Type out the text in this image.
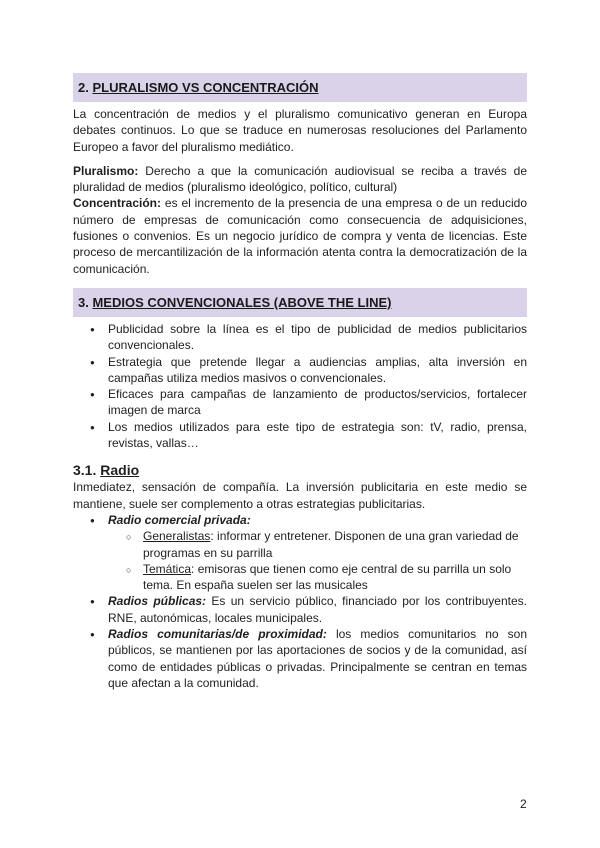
2. PLURALISMO VS CONCENTRACIÓN

La concentración de medios y el pluralismo comunicativo generan en Europa debates continuos. Lo que se traduce en numerosas resoluciones del Parlamento Europeo a favor del pluralismo mediático.

Pluralismo: Derecho a que la comunicación audiovisual se reciba a través de pluralidad de medios (pluralismo ideológico, político, cultural)

Concentración: es el incremento de la presencia de una empresa o de un reducido número de empresas de comunicación como consecuencia de adquisiciones, fusiones o convenios. Es un negocio jurídico de compra y venta de licencias. Este proceso de mercantilización de la información atenta contra la democratización de la comunicación.

3. MEDIOS CONVENCIONALES (ABOVE THE LINE)
● Publicidad sobre la línea es el tipo de publicidad de medios publicitarios convencionales.
● Estrategia que pretende llegar a audiencias amplias, alta inversión en campañas utiliza medios masivos o convencionales.
● Eficaces para campañas de lanzamiento de productos/servicios, fortalecer imagen de marca
● Los medios utilizados para este tipo de estrategia son: tV, radio, prensa, revistas, vallas…
3.1. Radio

Inmediatez, sensación de compañía. La inversión publicitaria en este medio se mantiene, suele ser complemento a otras estrategias publicitarias.

● Radio comercial privada:
○ Generalistas: informar y entretener. Disponen de una gran variedad de programas en su parrilla
○ Temática: emisoras que tienen como eje central de su parrilla un solo tema. En españa suelen ser las musicales
● Radios públicas: Es un servicio público, financiado por los contribuyentes. RNE, autonómicas, locales municipales.
● Radios comunitarias/de proximidad: los medios comunitarios no son públicos, se mantienen por las aportaciones de socios y de la comunidad, así como de entidades públicas o privadas. Principalmente se centran en temas que afectan a la comunidad.
2
